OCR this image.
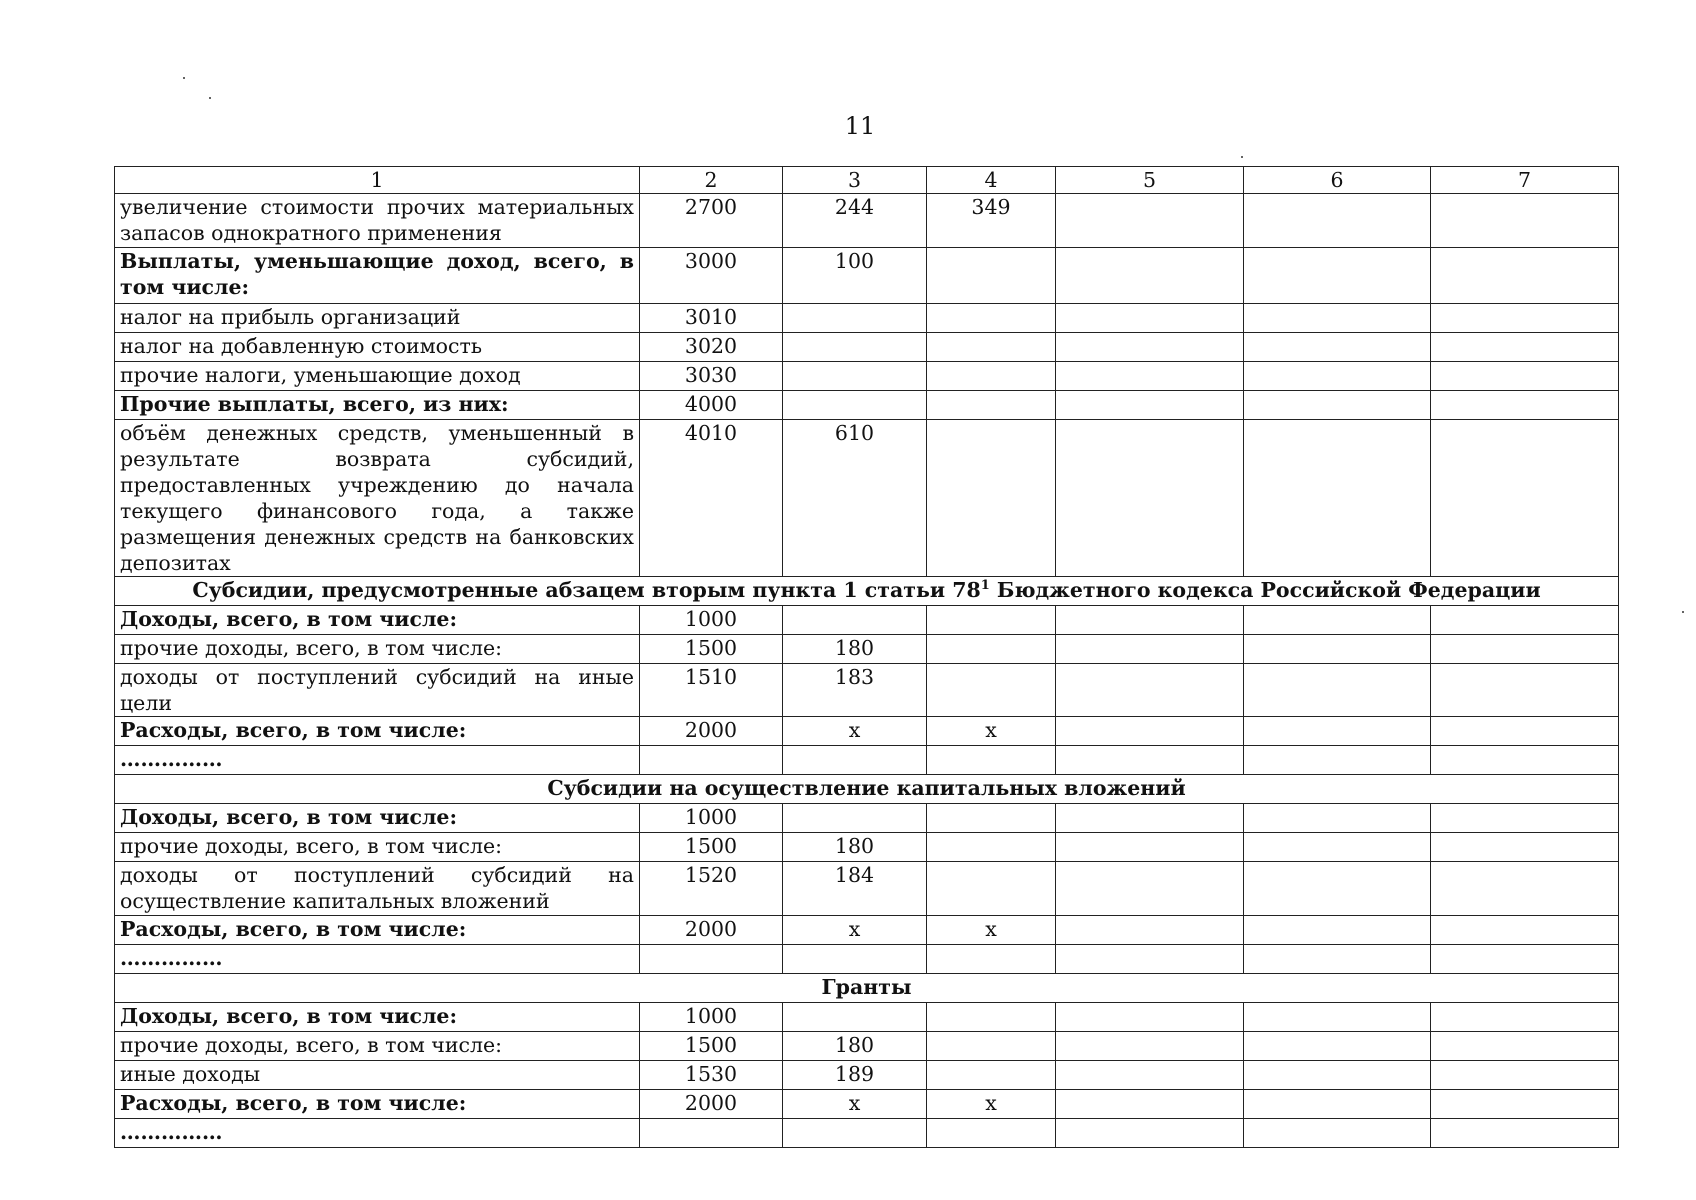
11
1	2	3	4	5	6	7
увеличение стоимости прочих материальных запасов однократного применения	2700	244	349			
Выплаты, уменьшающие доход, всего, в том числе:	3000	100				
налог на прибыль организаций	3010					
налог на добавленную стоимость	3020					
прочие налоги, уменьшающие доход	3030					
Прочие выплаты, всего, из них:	4000					
объём денежных средств, уменьшенный в результате возврата субсидий, предоставленных учреждению до начала текущего финансового года, а также размещения денежных средств на банковских депозитах	4010	610				
Субсидии, предусмотренные абзацем вторым пункта 1 статьи $78^1$ Бюджетного кодекса Российской Федерации						
Доходы, всего, в том числе:	1000					
прочие доходы, всего, в том числе:	1500	180				
доходы от поступлений субсидий на иные цели	1510	183				
Расходы, всего, в том числе:	2000	х	х			
……………						
Субсидии на осуществление капитальных вложений						
Доходы, всего, в том числе:	1000					
прочие доходы, всего, в том числе:	1500	180				
доходы от поступлений субсидий на осуществление капитальных вложений	1520	184				
Расходы, всего, в том числе:	2000	х	х			
……………						
Гранты						
Доходы, всего, в том числе:	1000					
прочие доходы, всего, в том числе:	1500	180				
иные доходы	1530	189				
Расходы, всего, в том числе:	2000	х	х			
……………						
